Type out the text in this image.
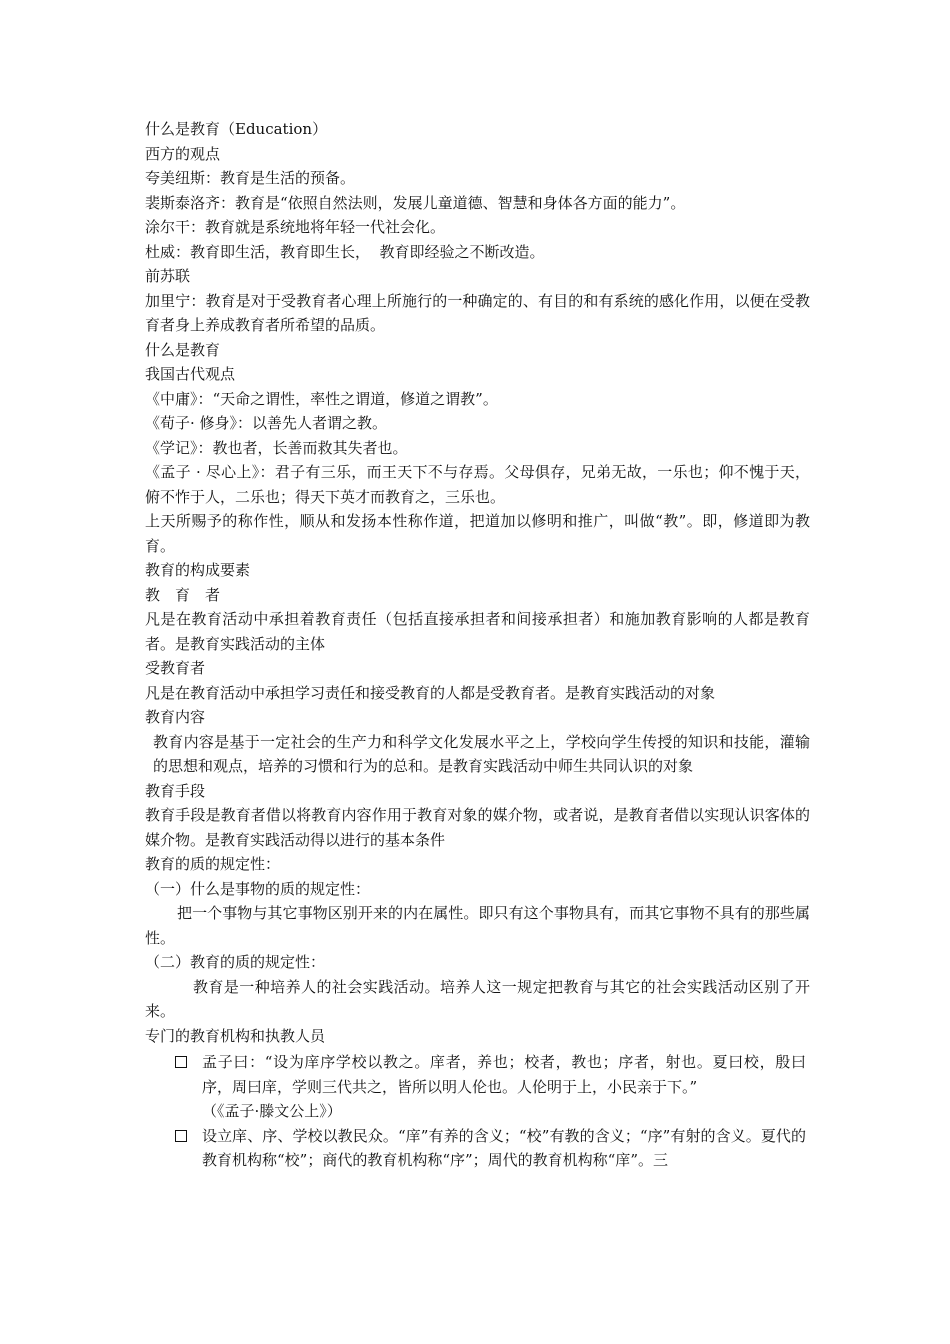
什么是教育（Education）
西方的观点
夸美纽斯：教育是生活的预备。
裴斯泰洛齐：教育是“依照自然法则，发展儿童道德、智慧和身体各方面的能力”。
涂尔干：教育就是系统地将年轻一代社会化。
杜威：教育即生活，教育即生长，  教育即经验之不断改造。
前苏联
加里宁：教育是对于受教育者心理上所施行的一种确定的、有目的和有系统的感化作用，以便在受教育者身上养成教育者所希望的品质。
什么是教育
我国古代观点
《中庸》：“天命之谓性，率性之谓道，修道之谓教”。
《荀子· 修身》：以善先人者谓之教。
《学记》：教也者，长善而救其失者也。
《孟子 · 尽心上》：君子有三乐，而王天下不与存焉。父母俱存，兄弟无故，一乐也；仰不愧于天，俯不怍于人，二乐也；得天下英才而教育之，三乐也。
上天所赐予的称作性，顺从和发扬本性称作道，把道加以修明和推广，叫做“教”。即，修道即为教育。
教育的构成要素
教　育　者
凡是在教育活动中承担着教育责任（包括直接承担者和间接承担者）和施加教育影响的人都是教育者。是教育实践活动的主体
受教育者
凡是在教育活动中承担学习责任和接受教育的人都是受教育者。是教育实践活动的对象
教育内容
教育内容是基于一定社会的生产力和科学文化发展水平之上，学校向学生传授的知识和技能，灌输的思想和观点，培养的习惯和行为的总和。是教育实践活动中师生共同认识的对象
教育手段
教育手段是教育者借以将教育内容作用于教育对象的媒介物，或者说，是教育者借以实现认识客体的媒介物。是教育实践活动得以进行的基本条件
教育的质的规定性：
（一）什么是事物的质的规定性：
把一个事物与其它事物区别开来的内在属性。即只有这个事物具有，而其它事物不具有的那些属性。
（二）教育的质的规定性：
教育是一种培养人的社会实践活动。培养人这一规定把教育与其它的社会实践活动区别了开来。
专门的教育机构和执教人员
孟子曰：“设为庠序学校以教之。庠者，养也；校者，教也；序者，射也。夏曰校，殷曰序，周曰庠，学则三代共之，皆所以明人伦也。人伦明于上，小民亲于下。”
（《孟子·滕文公上》）
设立庠、序、学校以教民众。“庠”有养的含义；“校”有教的含义；“序”有射的含义。夏代的教育机构称“校”；商代的教育机构称“序”；周代的教育机构称“庠”。三
